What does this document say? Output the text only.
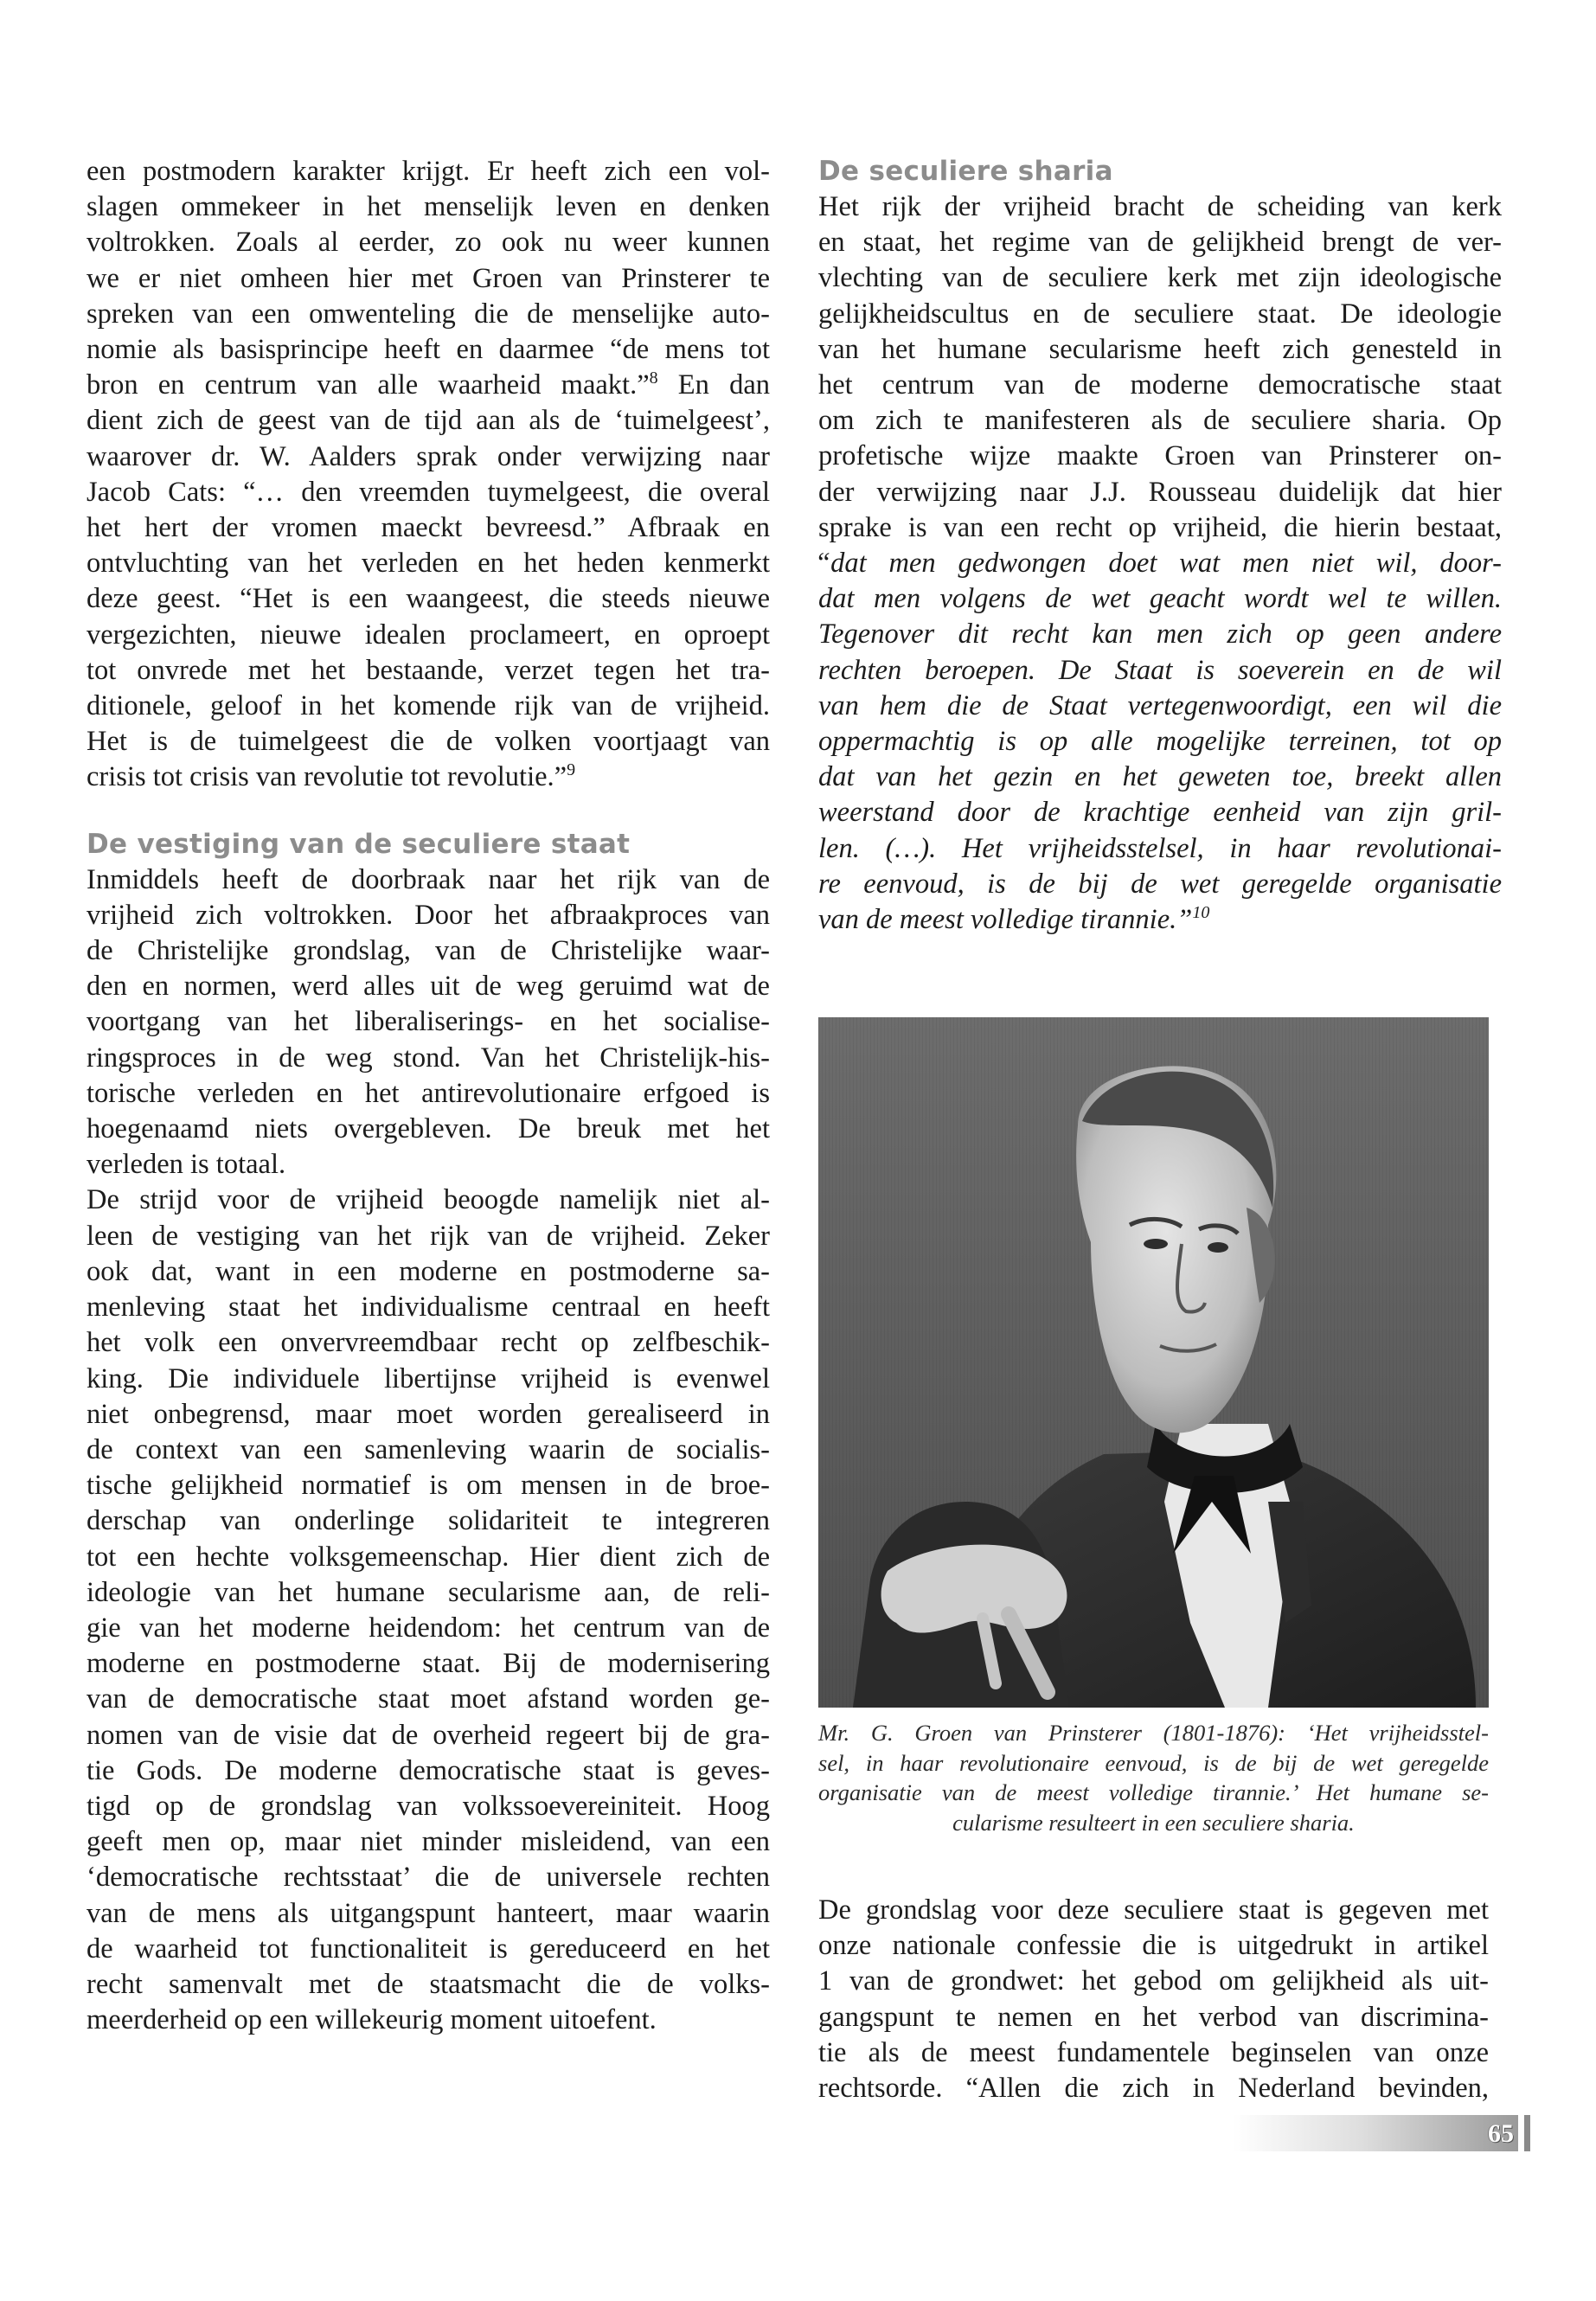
een postmodern karakter krijgt. Er heeft zich een vol-
slagen ommekeer in het menselijk leven en denken
voltrokken. Zoals al eerder, zo ook nu weer kunnen
we er niet omheen hier met Groen van Prinsterer te
spreken van een omwenteling die de menselijke auto-
nomie als basisprincipe heeft en daarmee “de mens tot
bron en centrum van alle waarheid maakt.”$^8$ En dan
dient zich de geest van de tijd aan als de ‘tuimelgeest’,
waarover dr. W. Aalders sprak onder verwijzing naar
Jacob Cats: “… den vreemden tuymelgeest, die overal
het hert der vromen maeckt bevreesd.” Afbraak en
ontvluchting van het verleden en het heden kenmerkt
deze geest. “Het is een waangeest, die steeds nieuwe
vergezichten, nieuwe idealen proclameert, en oproept
tot onvrede met het bestaande, verzet tegen het tra-
ditionele, geloof in het komende rijk van de vrijheid.
Het is de tuimelgeest die de volken voortjaagt van
crisis tot crisis van revolutie tot revolutie.”$^9$

De vestiging van de seculiere staat

Inmiddels heeft de doorbraak naar het rijk van de
vrijheid zich voltrokken. Door het afbraakproces van
de Christelijke grondslag, van de Christelijke waar-
den en normen, werd alles uit de weg geruimd wat de
voortgang van het liberaliserings- en het socialise-
ringsproces in de weg stond. Van het Christelijk-his-
torische verleden en het antirevolutionaire erfgoed is
hoegenaamd niets overgebleven. De breuk met het
verleden is totaal.

De strijd voor de vrijheid beoogde namelijk niet al-
leen de vestiging van het rijk van de vrijheid. Zeker
ook dat, want in een moderne en postmoderne sa-
menleving staat het individualisme centraal en heeft
het volk een onvervreemdbaar recht op zelfbeschik-
king. Die individuele libertijnse vrijheid is evenwel
niet onbegrensd, maar moet worden gerealiseerd in
de context van een samenleving waarin de socialis-
tische gelijkheid normatief is om mensen in de broe-
derschap van onderlinge solidariteit te integreren
tot een hechte volksgemeenschap. Hier dient zich de
ideologie van het humane secularisme aan, de reli-
gie van het moderne heidendom: het centrum van de
moderne en postmoderne staat. Bij de modernisering
van de democratische staat moet afstand worden ge-
nomen van de visie dat de overheid regeert bij de gra-
tie Gods. De moderne democratische staat is geves-
tigd op de grondslag van volkssoevereiniteit. Hoog
geeft men op, maar niet minder misleidend, van een
‘democratische rechtsstaat’ die de universele rechten
van de mens als uitgangspunt hanteert, maar waarin
de waarheid tot functionaliteit is gereduceerd en het
recht samenvalt met de staatsmacht die de volks-
meerderheid op een willekeurig moment uitoefent.

De seculiere sharia

Het rijk der vrijheid bracht de scheiding van kerk
en staat, het regime van de gelijkheid brengt de ver-
vlechting van de seculiere kerk met zijn ideologische
gelijkheidscultus en de seculiere staat. De ideologie
van het humane secularisme heeft zich genesteld in
het centrum van de moderne democratische staat
om zich te manifesteren als de seculiere sharia. Op
profetische wijze maakte Groen van Prinsterer on-
der verwijzing naar J.J. Rousseau duidelijk dat hier
sprake is van een recht op vrijheid, die hierin bestaat,

“dat men gedwongen doet wat men niet wil, door-
dat men volgens de wet geacht wordt wel te willen.
Tegenover dit recht kan men zich op geen andere
rechten beroepen. De Staat is soeverein en de wil
van hem die de Staat vertegenwoordigt, een wil die
oppermachtig is op alle mogelijke terreinen, tot op
dat van het gezin en het geweten toe, breekt allen
weerstand door de krachtige eenheid van zijn gril-
len. (…). Het vrijheidsstelsel, in haar revolutionai-
re eenvoud, is de bij de wet geregelde organisatie
van de meest volledige tirannie.”$^{10}$

Mr. G. Groen van Prinsterer (1801-1876): ‘Het vrijheidsstel-
sel, in haar revolutionaire eenvoud, is de bij de wet geregelde
organisatie van de meest volledige tirannie.’ Het humane se-
cularisme resulteert in een seculiere sharia.

De grondslag voor deze seculiere staat is gegeven met
onze nationale confessie die is uitgedrukt in artikel
1 van de grondwet: het gebod om gelijkheid als uit-
gangspunt te nemen en het verbod van discrimina-
tie als de meest fundamentele beginselen van onze
rechtsorde. “Allen die zich in Nederland bevinden,

65
